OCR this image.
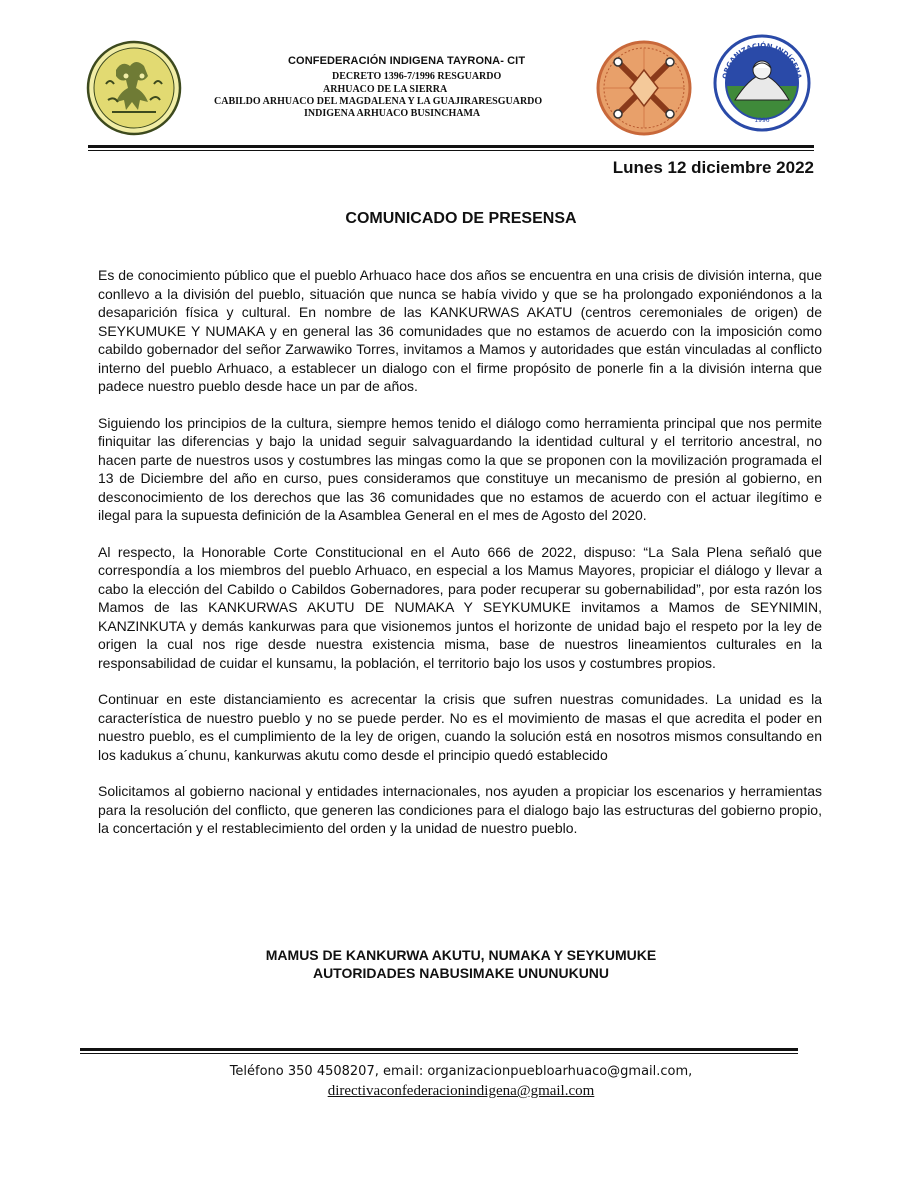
CONFEDERACIÓN INDIGENA TAYRONA- CIT
DECRETO 1396-7/1996 RESGUARDO
ARHUACO DE LA SIERRA
CABILDO ARHUACO DEL MAGDALENA Y LA GUAJIRARESGUARDO
INDIGENA ARHUACO BUSINCHAMA
ORGANIZACIÓN INDÍGENA
1996
Lunes 12 diciembre 2022
COMUNICADO DE PRESENSA

Es de conocimiento público que el pueblo Arhuaco hace dos años se encuentra en una crisis de división interna, que conllevo a la división del pueblo, situación que nunca se había vivido y que se ha prolongado exponiéndonos a la desaparición física y cultural. En nombre de las KANKURWAS AKATU (centros ceremoniales de origen) de SEYKUMUKE Y NUMAKA y en general las 36 comunidades que no estamos de acuerdo con la imposición como cabildo gobernador del señor Zarwawiko Torres, invitamos a Mamos y autoridades que están vinculadas al conflicto interno del pueblo Arhuaco, a establecer un dialogo con el firme propósito de ponerle fin a la división interna que padece nuestro pueblo desde hace un par de años.

Siguiendo los principios de la cultura, siempre hemos tenido el diálogo como herramienta principal que nos permite finiquitar las diferencias y bajo la unidad seguir salvaguardando la identidad cultural y el territorio ancestral, no hacen parte de nuestros usos y costumbres las mingas como la que se proponen con la movilización programada el 13 de Diciembre del año en curso, pues consideramos que constituye un mecanismo de presión al gobierno, en desconocimiento de los derechos que las 36 comunidades que no estamos de acuerdo con el actuar ilegítimo e ilegal para la supuesta definición de la Asamblea General en el mes de Agosto del 2020.

Al respecto, la Honorable Corte Constitucional en el Auto 666 de 2022, dispuso: “La Sala Plena señaló que correspondía a los miembros del pueblo Arhuaco, en especial a los Mamus Mayores, propiciar el diálogo y llevar a cabo la elección del Cabildo o Cabildos Gobernadores, para poder recuperar su gobernabilidad”, por esta razón los Mamos de las KANKURWAS AKUTU DE NUMAKA Y SEYKUMUKE invitamos a Mamos de SEYNIMIN, KANZINKUTA y demás kankurwas para que visionemos juntos el horizonte de unidad bajo el respeto por la ley de origen la cual nos rige desde nuestra existencia misma, base de nuestros lineamientos culturales en la responsabilidad de cuidar el kunsamu, la población, el territorio bajo los usos y costumbres propios.

Continuar en este distanciamiento es acrecentar la crisis que sufren nuestras comunidades. La unidad es la característica de nuestro pueblo y no se puede perder. No es el movimiento de masas el que acredita el poder en nuestro pueblo, es el cumplimiento de la ley de origen, cuando la solución está en nosotros mismos consultando en los kadukus a´chunu, kankurwas akutu como desde el principio quedó establecido

Solicitamos al gobierno nacional y entidades internacionales, nos ayuden a propiciar los escenarios y herramientas para la resolución del conflicto, que generen las condiciones para el dialogo bajo las estructuras del gobierno propio, la concertación y el restablecimiento del orden y la unidad de nuestro pueblo.

MAMUS DE KANKURWA AKUTU, NUMAKA Y SEYKUMUKE
AUTORIDADES NABUSIMAKE UNUNUKUNU
Teléfono 350 4508207, email: organizacionpuebloarhuaco@gmail.com,
directivaconfederacionindigena@gmail.com
